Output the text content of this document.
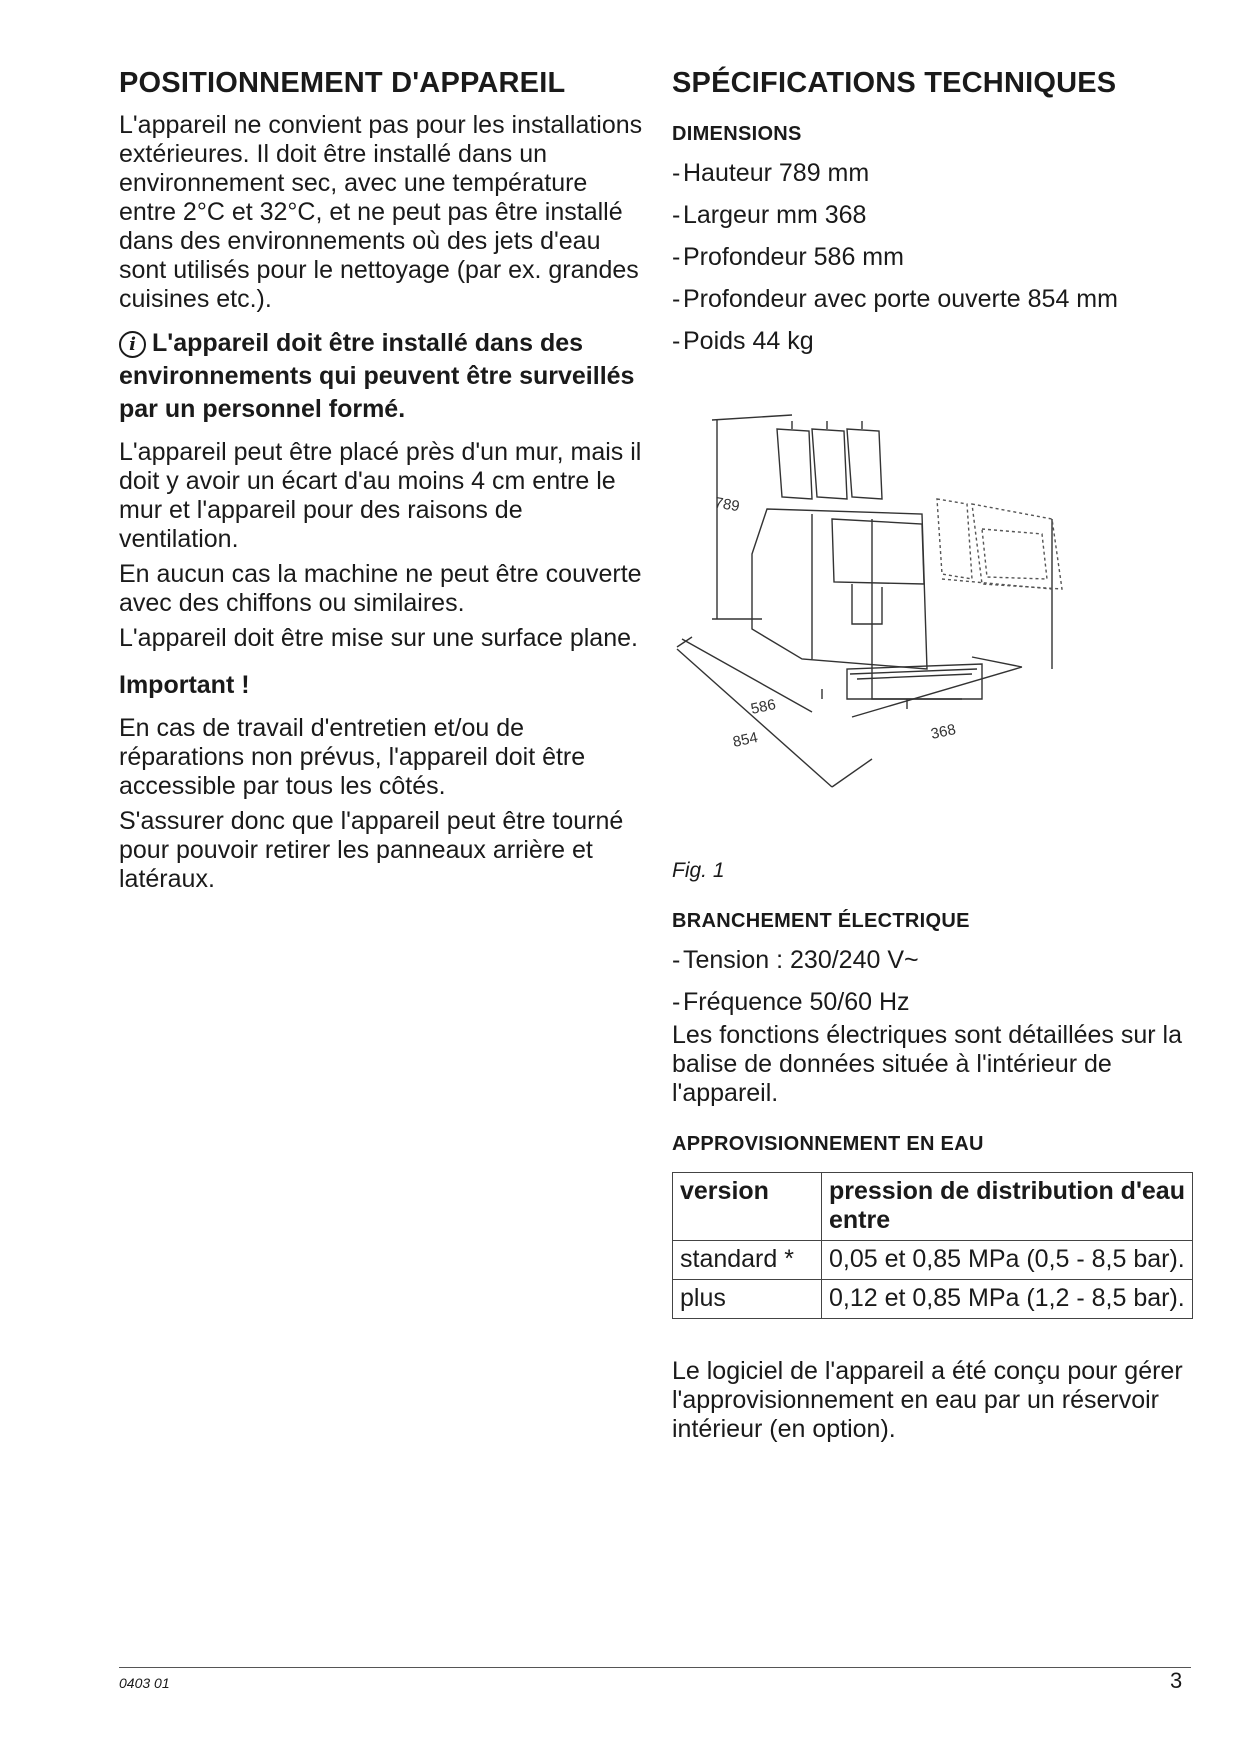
POSITIONNEMENT D'APPAREIL

L'appareil ne convient pas pour les installations extérieures. Il doit être installé dans un environnement sec, avec une température entre 2°C et 32°C, et ne peut pas être installé dans des environnements où des jets d'eau sont utilisés pour le nettoyage (par ex. grandes cuisines etc.).

i L'appareil doit être installé dans des environnements qui peuvent être surveillés par un personnel formé.

L'appareil peut être placé près d'un mur, mais il doit y avoir un écart d'au moins 4 cm entre le mur et l'appareil pour des raisons de ventilation.

En aucun cas la machine ne peut être couverte avec des chiffons ou similaires.

L'appareil doit être mise sur une surface plane.

Important !

En cas de travail d'entretien et/ou de réparations non prévus, l'appareil doit être accessible par tous les côtés.

S'assurer donc que l'appareil peut être tourné pour pouvoir retirer les panneaux arrière et latéraux.

SPÉCIFICATIONS TECHNIQUES
DIMENSIONS
- Hauteur 789 mm
- Largeur mm 368
- Profondeur 586 mm
- Profondeur avec porte ouverte 854 mm
- Poids 44 kg
789
586
854	368
Fig. 1
BRANCHEMENT ÉLECTRIQUE
- Tension : 230/240 V~
- Fréquence 50/60 Hz

Les fonctions électriques sont détaillées sur la balise de données située à l'intérieur de l'appareil.

APPROVISIONNEMENT EN EAU
version	pression de distribution d'eau entre
standard *	0,05 et 0,85 MPa (0,5 - 8,5 bar).
plus	0,12 et 0,85 MPa (1,2 - 8,5 bar).

Le logiciel de l'appareil a été conçu pour gérer l'approvisionnement en eau par un réservoir intérieur (en option).

0403 01	3
